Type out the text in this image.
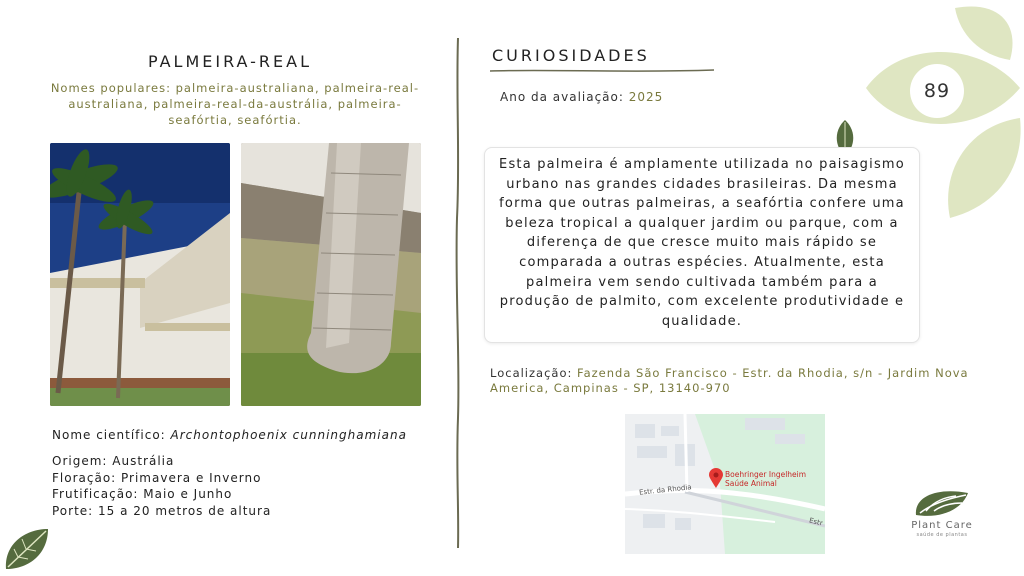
89
PALMEIRA-REAL
Nomes populares: palmeira-australiana, palmeira-real-australiana, palmeira-real-da-austrália, palmeira-seafórtia, seafórtia.
Nome científico: Archontophoenix cunninghamiana
Origem: Austrália
Floração: Primavera e Inverno
Frutificação: Maio e Junho
Porte: 15 a 20 metros de altura
CURIOSIDADES
Ano da avaliação: 2025

Esta palmeira é amplamente utilizada no paisagismo urbano nas grandes cidades brasileiras. Da mesma forma que outras palmeiras, a seafórtia confere uma beleza tropical a qualquer jardim ou parque, com a diferença de que cresce muito mais rápido se comparada a outras espécies. Atualmente, esta palmeira vem sendo cultivada também para a produção de palmito, com excelente produtividade e qualidade.

Localização: Fazenda São Francisco - Estr. da Rhodia, s/n - Jardim Nova America, Campinas - SP, 13140-970
Estr. da Rhodia
Estr
Boehringer Ingelheim
Saúde Animal
Plant Care
saúde de plantas
